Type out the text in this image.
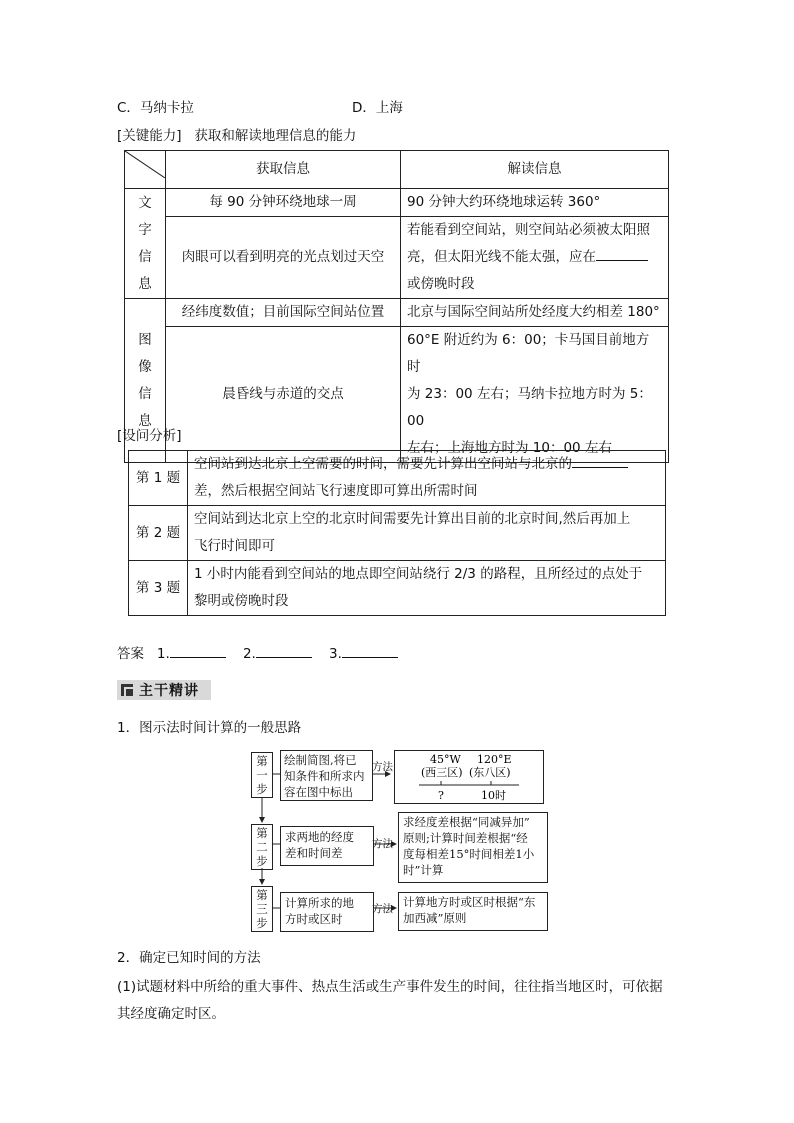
C．马纳卡拉	D．上海
[关键能力] 获取和解读地理信息的能力
	获取信息	解读信息

文
字
信
息	每 90 分钟环绕地球一周	90 分钟大约环绕地球运转 360°
	肉眼可以看到明亮的光点划过天空	若能看到空间站，则空间站必须被太阳照
亮，但太阳光线不能太强，应在
或傍晚时段

图
像
信
息	经纬度数值；目前国际空间站位置	北京与国际空间站所处经度大约相差 180°
	晨昏线与赤道的交点	60°E 附近约为 6：00；卡马国目前地方时
为 23：00 左右；马纳卡拉地方时为 5：00
左右；上海地方时为 10：00 左右
[设问分析]
第 1 题	空间站到达北京上空需要的时间，需要先计算出空间站与北京的
差，然后根据空间站飞行速度即可算出所需时间

第 2 题	空间站到达北京上空的北京时间需要先计算出目前的北京时间,然后再加上
飞行时间即可

第 3 题	1 小时内能看到空间站的地点即空间站绕行 2/3 的路程，且所经过的点处于
黎明或傍晚时段
答案 1.	2.	3.
主干精讲
1．图示法时间计算的一般思路
第
一
步
绘制简图,将已
知条件和所求内
容在图中标出
方法
45°W 120°E
(西三区) (东八区)
?	10时
第
二
步
求两地的经度
差和时间差
方法
求经度差根据“同减异加”
原则;计算时间差根据“经
度每相差15°时间相差1小
时”计算
第
三
步
计算所求的地
方时或区时
方法 计算地方时或区时根据“东
加西减”原则
2．确定已知时间的方法
(1)试题材料中所给的重大事件、热点生活或生产事件发生的时间，往往指当地区时，可依据
其经度确定时区。
